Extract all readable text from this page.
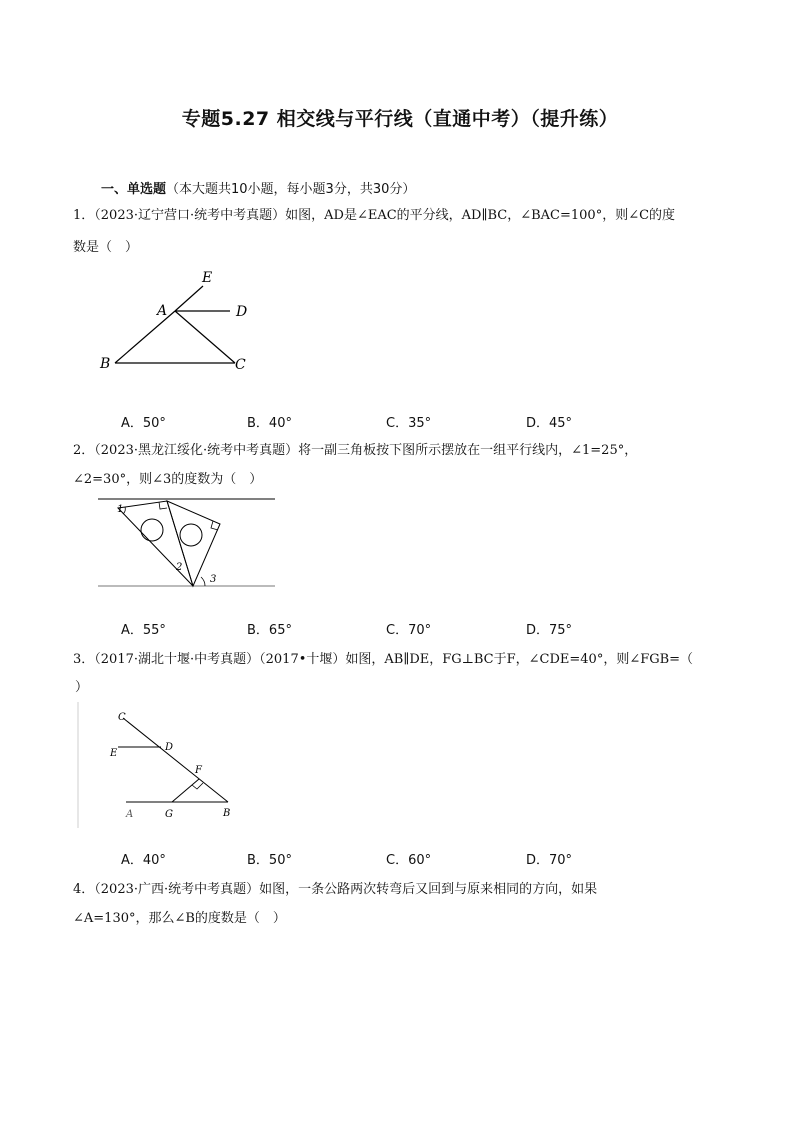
专题5.27 相交线与平行线（直通中考）（提升练）
一、单选题（本大题共10小题，每小题3分，共30分）
1．（2023·辽宁营口·统考中考真题）如图，AD是∠EAC的平分线，AD∥BC，∠BAC=100°，则∠C的度
数是（　）
E
A	D
B	C
A．50°	B．40°	C．35°	D．45°
2．（2023·黑龙江绥化·统考中考真题）将一副三角板按下图所示摆放在一组平行线内，∠1=25°，
∠2=30°，则∠3的度数为（　）
1
2
3
A．55°	B．65°	C．70°	D．75°
3．（2017·湖北十堰·中考真题）（2017•十堰）如图，AB∥DE，FG⊥BC于F，∠CDE=40°，则∠FGB=（
）
C
E
D
F
A	G	B
A．40°	B．50°	C．60°	D．70°
4．（2023·广西·统考中考真题）如图，一条公路两次转弯后又回到与原来相同的方向，如果
∠A=130°，那么∠B的度数是（　）
